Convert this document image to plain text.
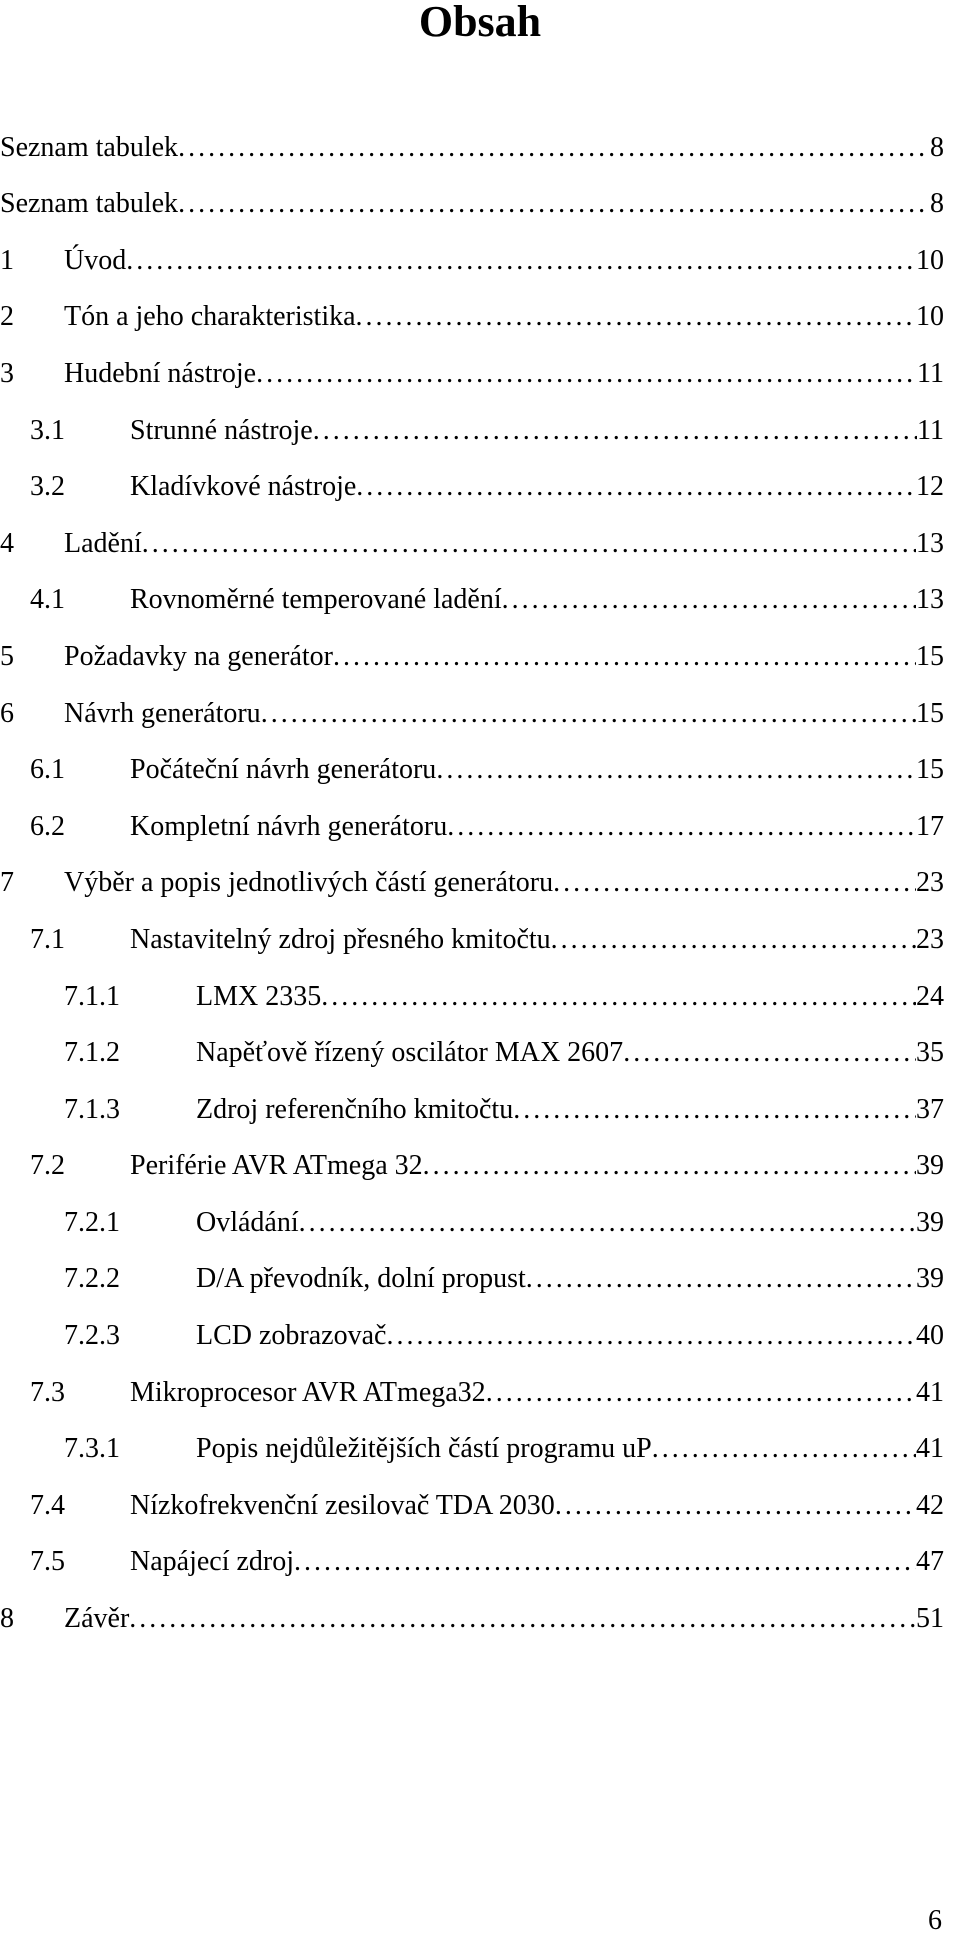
Obsah
Seznam tabulek . . .	8
Seznam tabulek . . .	8
1 Úvod . . .	10
2 Tón a jeho charakteristika . . .	10
3 Hudební nástroje . . .	11
3.1 Strunné nástroje . . .	11
3.2 Kladívkové nástroje . . .	12
4 Ladění . . .	13
4.1 Rovnoměrné temperované ladění . . .	13
5 Požadavky na generátor . . .	15
6 Návrh generátoru . . .	15
6.1 Počáteční návrh generátoru . . .	15
6.2 Kompletní návrh generátoru . . .	17
7 Výběr a popis jednotlivých částí generátoru . . .	23
7.1 Nastavitelný zdroj přesného kmitočtu . . .	23
7.1.1	LMX 2335 . . .	24
7.1.2	Napěťově řízený oscilátor MAX 2607 . . .	35
7.1.3	Zdroj referenčního kmitočtu . . .	37
7.2 Periférie AVR ATmega 32 . . .	39
7.2.1	Ovládání . . .	39
7.2.2	D/A převodník, dolní propust . . .	39
7.2.3	LCD zobrazovač . . .	40
7.3 Mikroprocesor AVR ATmega32 . . .	41
7.3.1	Popis nejdůležitějších částí programu uP . . .	41
7.4 Nízkofrekvenční zesilovač TDA 2030 . . .	42
7.5 Napájecí zdroj . . .	47
8 Závěr . . .	51
6
